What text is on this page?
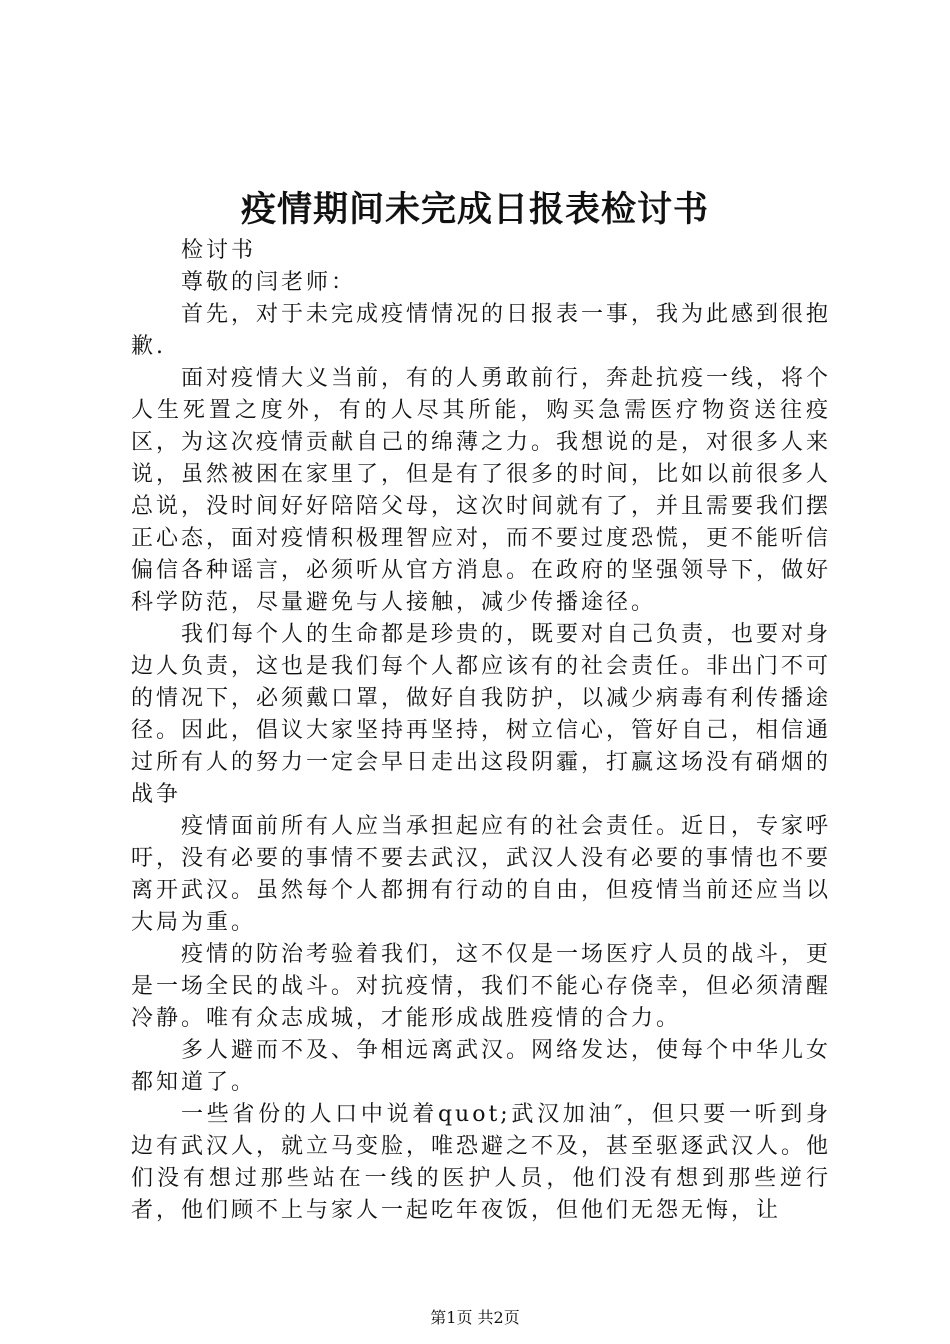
疫情期间未完成日报表检讨书

检讨书

尊敬的闫老师：

首先，对于未完成疫情情况的日报表一事，我为此感到很抱歉.

面对疫情大义当前，有的人勇敢前行，奔赴抗疫一线，将个人生死置之度外，有的人尽其所能，购买急需医疗物资送往疫区，为这次疫情贡献自己的绵薄之力。我想说的是，对很多人来说，虽然被困在家里了，但是有了很多的时间，比如以前很多人总说，没时间好好陪陪父母，这次时间就有了，并且需要我们摆正心态，面对疫情积极理智应对，而不要过度恐慌，更不能听信偏信各种谣言，必须听从官方消息。在政府的坚强领导下，做好科学防范，尽量避免与人接触，减少传播途径。

我们每个人的生命都是珍贵的，既要对自己负责，也要对身边人负责，这也是我们每个人都应该有的社会责任。非出门不可的情况下，必须戴口罩，做好自我防护，以减少病毒有利传播途径。因此，倡议大家坚持再坚持，树立信心，管好自己，相信通过所有人的努力一定会早日走出这段阴霾，打赢这场没有硝烟的战争

疫情面前所有人应当承担起应有的社会责任。近日，专家呼吁，没有必要的事情不要去武汉，武汉人没有必要的事情也不要离开武汉。虽然每个人都拥有行动的自由，但疫情当前还应当以大局为重。

疫情的防治考验着我们，这不仅是一场医疗人员的战斗，更是一场全民的战斗。对抗疫情，我们不能心存侥幸，但必须清醒冷静。唯有众志成城，才能形成战胜疫情的合力。

多人避而不及、争相远离武汉。网络发达，使每个中华儿女都知道了。

一些省份的人口中说着quot;武汉加油″，但只要一听到身边有武汉人，就立马变脸，唯恐避之不及，甚至驱逐武汉人。他们没有想过那些站在一线的医护人员，他们没有想到那些逆行者，他们顾不上与家人一起吃年夜饭，但他们无怨无悔，让

第1页 共2页
